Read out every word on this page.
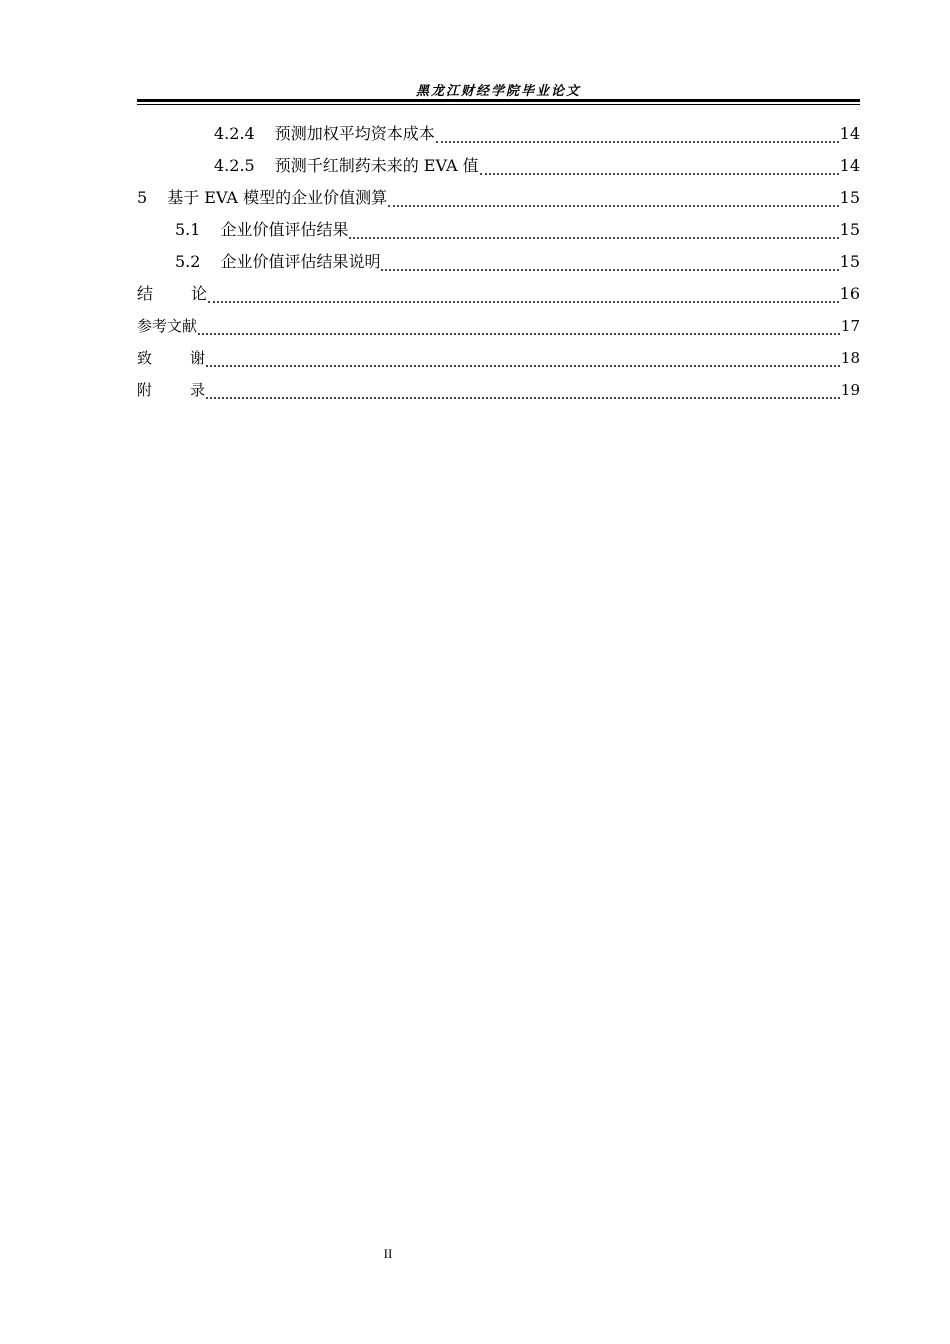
黑龙江财经学院毕业论文
4.2.4 预测加权平均资本成本	14
4.2.5 预测千红制药未来的 EVA 值	14
5 基于 EVA 模型的企业价值测算	15
5.1 企业价值评估结果	15
5.2 企业价值评估结果说明	15
结论	16
参考文献	17
致谢	18
附录	19
II
